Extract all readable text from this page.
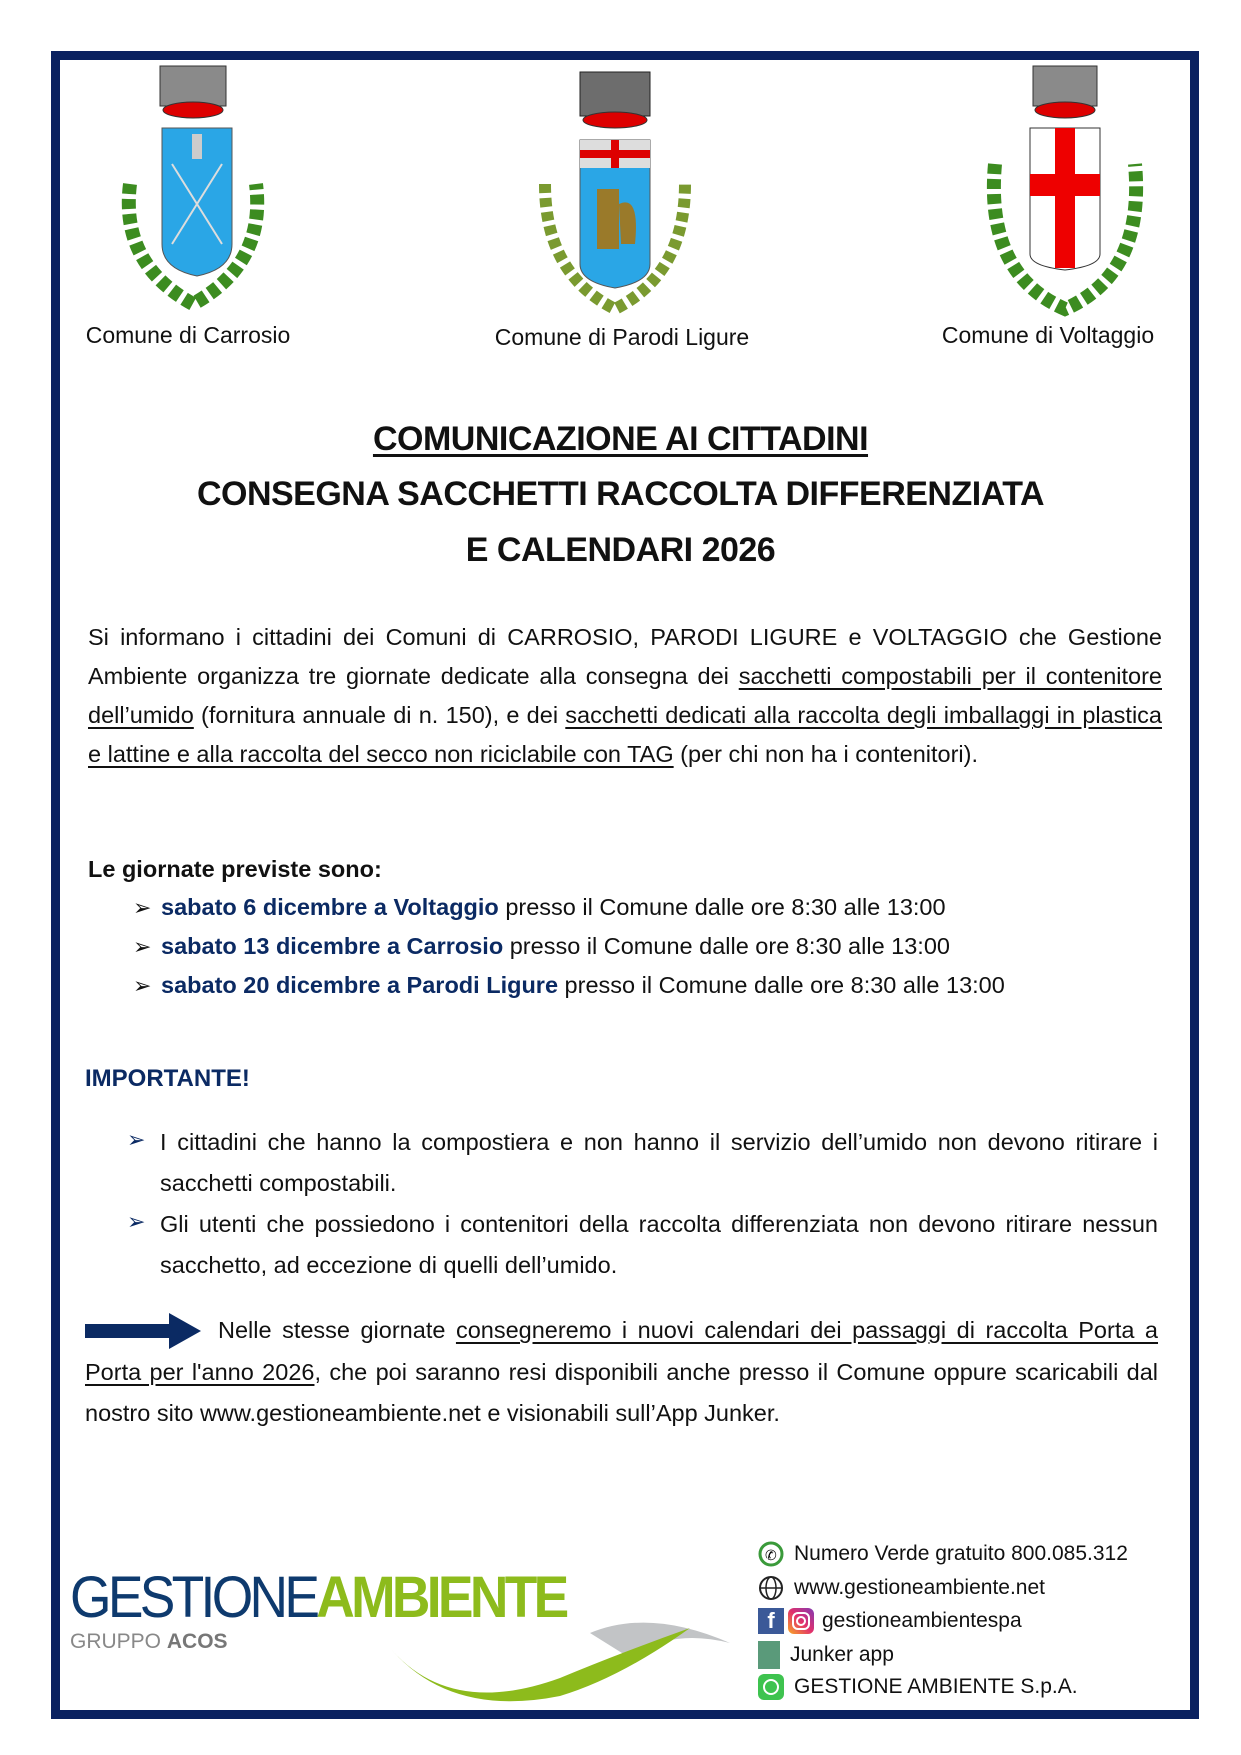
Comune di Carrosio	Comune di Parodi Ligure	Comune di Voltaggio
COMUNICAZIONE AI CITTADINI
CONSEGNA SACCHETTI RACCOLTA DIFFERENZIATA
E CALENDARI 2026
Si informano i cittadini dei Comuni di CARROSIO, PARODI LIGURE e VOLTAGGIO che Gestione Ambiente organizza tre giornate dedicate alla consegna dei sacchetti compostabili per il contenitore dell’umido (fornitura annuale di n. 150), e dei sacchetti dedicati alla raccolta degli imballaggi in plastica e lattine e alla raccolta del secco non riciclabile con TAG (per chi non ha i contenitori).
Le giornate previste sono:
➢ sabato 6 dicembre a Voltaggio presso il Comune dalle ore 8:30 alle 13:00
➢ sabato 13 dicembre a Carrosio presso il Comune dalle ore 8:30 alle 13:00
➢ sabato 20 dicembre a Parodi Ligure presso il Comune dalle ore 8:30 alle 13:00
IMPORTANTE!
➢ I cittadini che hanno la compostiera e non hanno il servizio dell’umido non devono ritirare i sacchetti compostabili.
➢ Gli utenti che possiedono i contenitori della raccolta differenziata non devono ritirare nessun sacchetto, ad eccezione di quelli dell’umido.
Nelle stesse giornate consegneremo i nuovi calendari dei passaggi di raccolta Porta a Porta per l'anno 2026, che poi saranno resi disponibili anche presso il Comune oppure scaricabili dal nostro sito www.gestioneambiente.net e visionabili sull’App Junker.
GESTIONEAMBIENTE
GRUPPO ACOS
✆ Numero Verde gratuito 800.085.312
www.gestioneambiente.net
f	gestioneambientespa
Junker app
GESTIONE AMBIENTE S.p.A.
